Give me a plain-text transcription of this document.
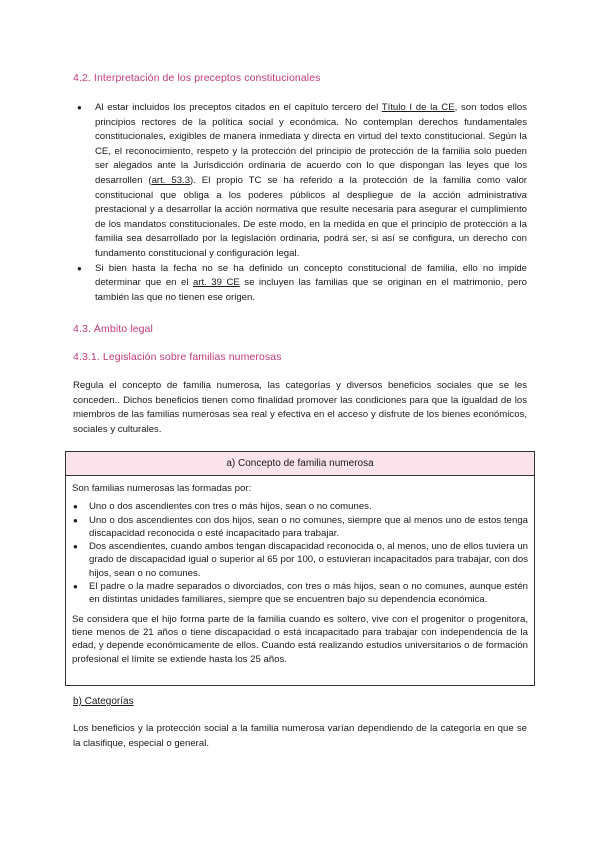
4.2. Interpretación de los preceptos constitucionales
● Al estar incluidos los preceptos citados en el capítulo tercero del Título I de la CE, son todos ellos principios rectores de la política social y económica. No contemplan derechos fundamentales constitucionales, exigibles de manera inmediata y directa en virtud del texto constitucional. Según la CE, el reconocimiento, respeto y la protección del principio de protección de la familia solo pueden ser alegados ante la Jurisdicción ordinaria de acuerdo con lo que dispongan las leyes que los desarrollen (art. 53.3). El propio TC se ha referido a la protección de la familia como valor constitucional que obliga a los poderes públicos al despliegue de la acción administrativa prestacional y a desarrollar la acción normativa que resulte necesaria para asegurar el cumplimiento de los mandatos constitucionales. De este modo, en la medida en que el principio de protección a la familia sea desarrollado por la legislación ordinaria, podrá ser, si así se configura, un derecho con fundamento constitucional y configuración legal.
● Si bien hasta la fecha no se ha definido un concepto constitucional de familia, ello no impide determinar que en el art. 39 CE se incluyen las familias que se originan en el matrimonio, pero también las que no tienen ese origen.
4.3. Ámbito legal
4.3.1. Legislación sobre familias numerosas
Regula el concepto de familia numerosa, las categorías y diversos beneficios sociales que se les conceden.. Dichos beneficios tienen como finalidad promover las condiciones para que la igualdad de los miembros de las familias numerosas sea real y efectiva en el acceso y disfrute de los bienes económicos, sociales y culturales.
a) Concepto de familia numerosa

Son familias numerosas las formadas por:

● Uno o dos ascendientes con tres o más hijos, sean o no comunes.
● Uno o dos ascendientes con dos hijos, sean o no comunes, siempre que al menos uno de estos tenga discapacidad reconocida o esté incapacitado para trabajar.
● Dos ascendientes, cuando ambos tengan discapacidad reconocida o, al menos, uno de ellos tuviera un grado de discapacidad igual o superior al 65 por 100, o estuvieran incapacitados para trabajar, con dos hijos, sean o no comunes.
● El padre o la madre separados o divorciados, con tres o más hijos, sean o no comunes, aunque estén en distintas unidades familiares, siempre que se encuentren bajo su dependencia económica.

Se considera que el hijo forma parte de la familia cuando es soltero, vive con el progenitor o progenitora, tiene menos de 21 años o tiene discapacidad o está incapacitado para trabajar con independencia de la edad, y depende económicamente de ellos. Cuando está realizando estudios universitarios o de formación profesional el límite se extiende hasta los 25 años.

b) Categorías
Los beneficios y la protección social a la familia numerosa varían dependiendo de la categoría en que se la clasifique, especial o general.
